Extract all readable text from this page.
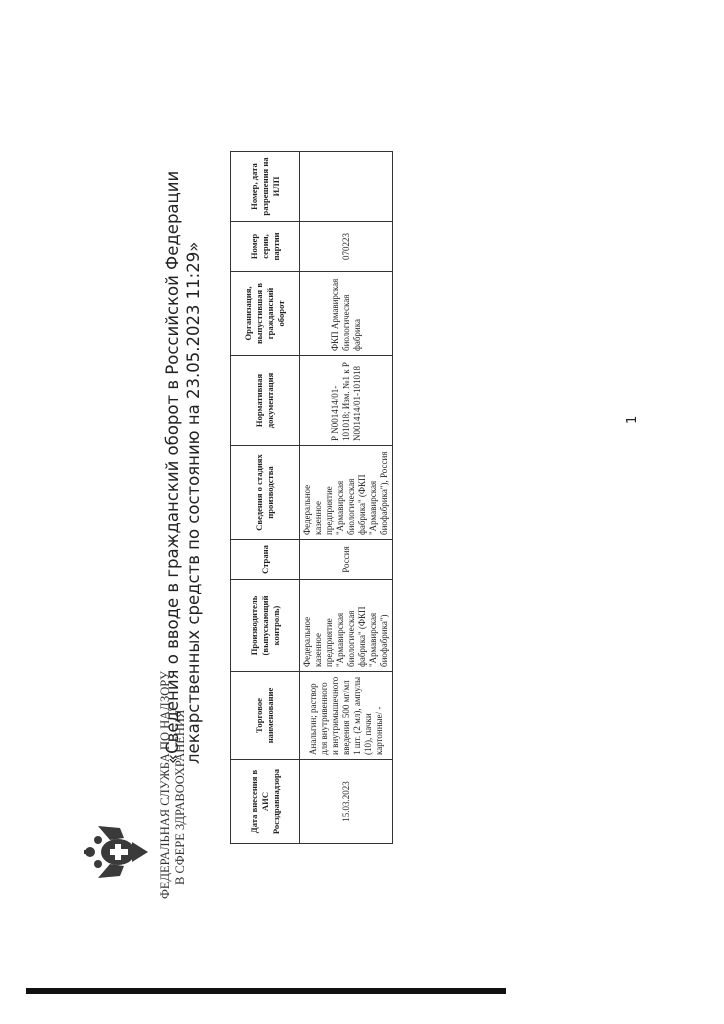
ФЕДЕРАЛЬНАЯ СЛУЖБА ПО НАДЗОРУ В СФЕРЕ ЗДРАВООХРАНЕНИЯ
«Сведения о вводе в гражданский оборот в Российской Федерации лекарственных средств по состоянию на 23.05.2023 11:29»
Дата внесения в АИС Росздравнадзора	Торговое наименование	Производитель (выпускающий контроль)	Страна	Сведения о стадиях производства	Нормативная документация	Организация, выпустившая в гражданский оборот	Номер серии, партии	Номер, дата разрешения на ИЛП
15.03.2023	Анальгин; раствор для внутривенного и внутримышечного введения 500 мг/мл 1 шт. (2 мл), ампулы (10), пачки картонные/ -	Федеральное казенное предприятие "Армавирская биологическая фабрика" (ФКП "Армавирская биофабрика")	Россия	Федеральное казенное предприятие "Армавирская биологическая фабрика" (ФКП "Армавирская биофабрика"), Россия	Р N001414/01-101018; Изм. №1 к Р N001414/01-101018	ФКП Армавирская биологическая фабрика	070223	
1
